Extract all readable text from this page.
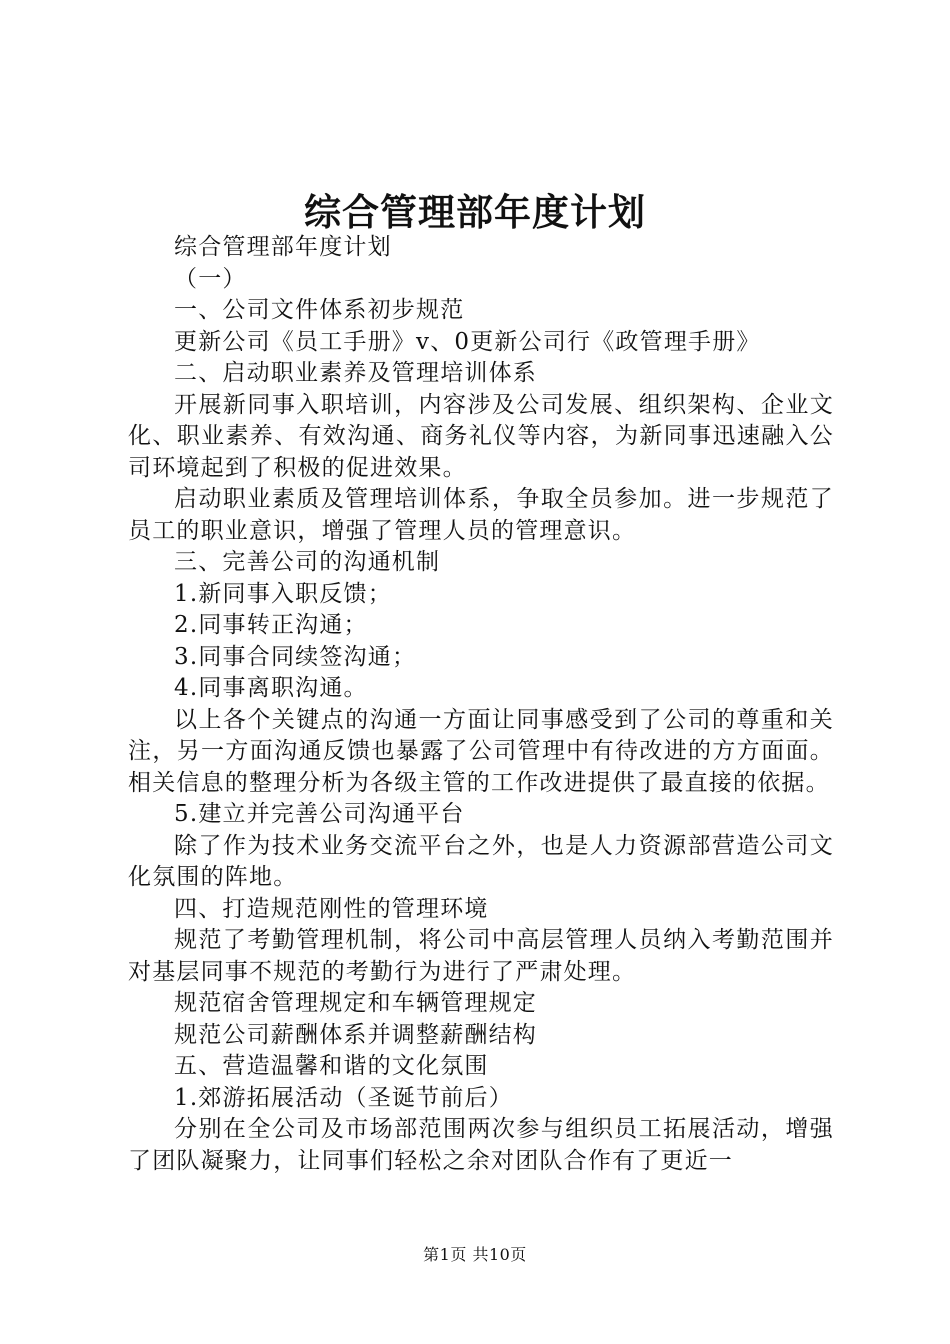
综合管理部年度计划

综合管理部年度计划

（一）

一、公司文件体系初步规范

更新公司《员工手册》v、0更新公司行《政管理手册》

二、启动职业素养及管理培训体系

开展新同事入职培训，内容涉及公司发展、组织架构、企业文化、职业素养、有效沟通、商务礼仪等内容，为新同事迅速融入公司环境起到了积极的促进效果。

启动职业素质及管理培训体系，争取全员参加。进一步规范了员工的职业意识，增强了管理人员的管理意识。

三、完善公司的沟通机制

1.新同事入职反馈；

2.同事转正沟通；

3.同事合同续签沟通；

4.同事离职沟通。

以上各个关键点的沟通一方面让同事感受到了公司的尊重和关注，另一方面沟通反馈也暴露了公司管理中有待改进的方方面面。相关信息的整理分析为各级主管的工作改进提供了最直接的依据。

5.建立并完善公司沟通平台

除了作为技术业务交流平台之外，也是人力资源部营造公司文化氛围的阵地。

四、打造规范刚性的管理环境

规范了考勤管理机制，将公司中高层管理人员纳入考勤范围并对基层同事不规范的考勤行为进行了严肃处理。

规范宿舍管理规定和车辆管理规定

规范公司薪酬体系并调整薪酬结构

五、营造温馨和谐的文化氛围

1.郊游拓展活动（圣诞节前后）

分别在全公司及市场部范围两次参与组织员工拓展活动，增强了团队凝聚力，让同事们轻松之余对团队合作有了更近一

第1页 共10页
